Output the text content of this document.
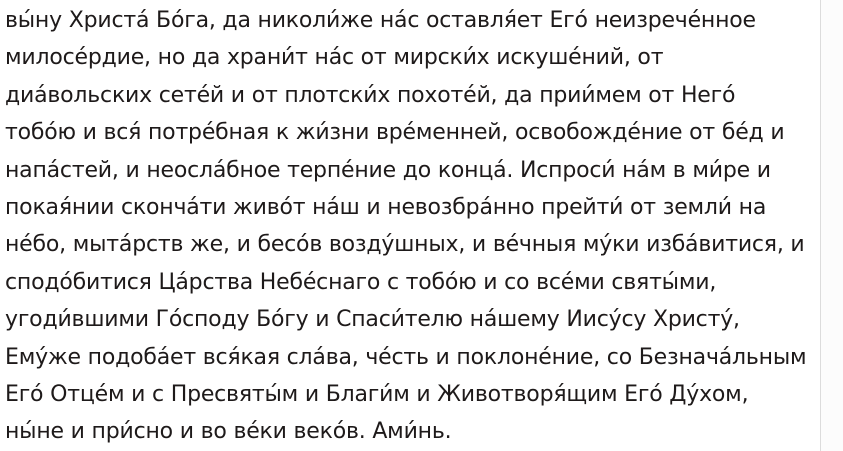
вы́ну Христа́ Бо́га, да николи́же на́с оставля́ет Его́ неизрече́нное
милосе́рдие, но да храни́т на́с от мирски́х искуше́ний, от
диа́вольских сете́й и от плотски́х похоте́й, да прии́мем от Него́
тобо́ю и вся́ потре́бная к жи́зни вре́менней, освобожде́ние от бе́д и
напа́стей, и неосла́бное терпе́ние до конца́. Испроси́ на́м в ми́ре и
покая́нии сконча́ти живо́т на́ш и невозбра́нно прейти́ от земли́ на
не́бо, мыта́рств же, и бесо́в возду́шных, и ве́чныя му́ки изба́витися, и
сподо́битися Ца́рства Небе́снаго с тобо́ю и со все́ми святы́ми,
угоди́вшими Го́споду Бо́гу и Спаси́телю на́шему Иису́су Христу́,
Ему́же подоба́ет вся́кая сла́ва, че́сть и поклоне́ние, со Безнача́льным
Его́ Отце́м и с Пресвяты́м и Благи́м и Животворя́щим Его́ Ду́хом,
ны́не и при́сно и во ве́ки веко́в. Ами́нь.
